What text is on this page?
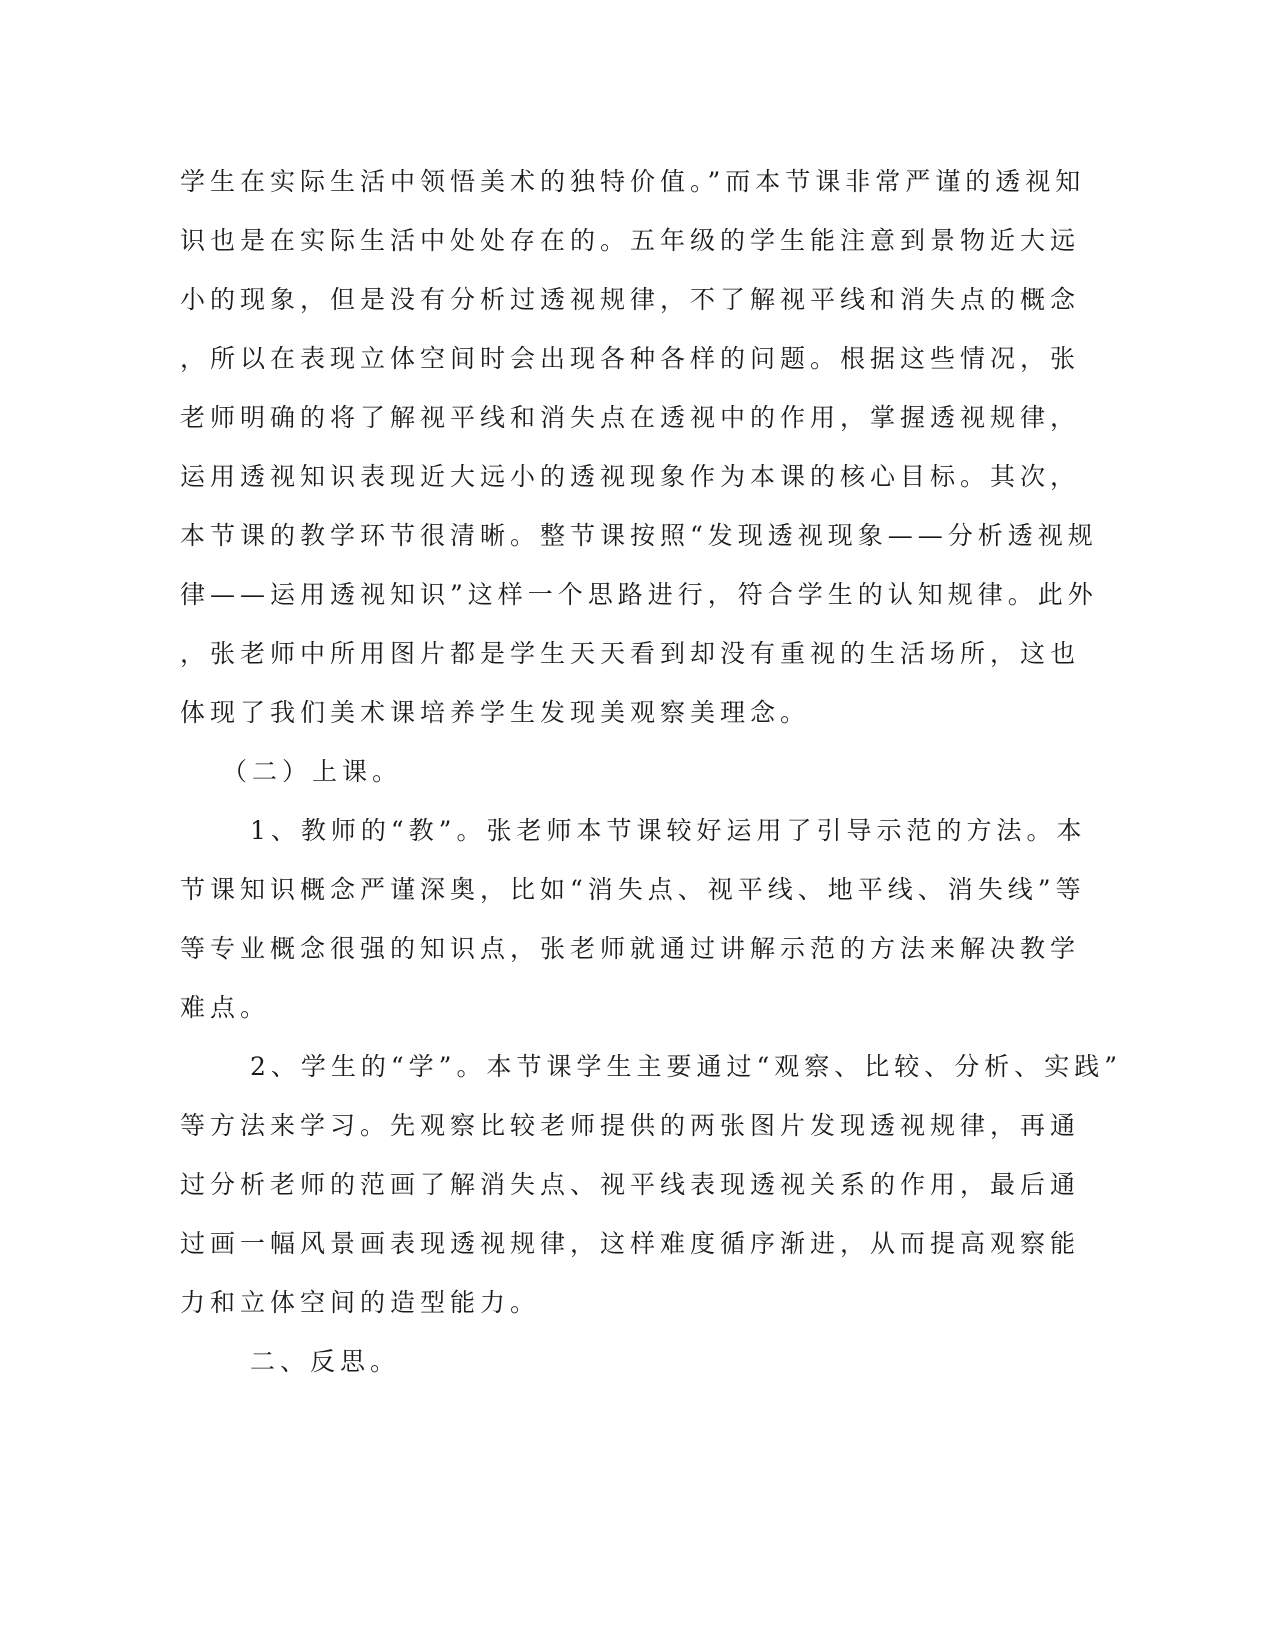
学生在实际生活中领悟美术的独特价值。”而本节课非常严谨的透视知
识也是在实际生活中处处存在的。五年级的学生能注意到景物近大远
小的现象，但是没有分析过透视规律，不了解视平线和消失点的概念
，所以在表现立体空间时会出现各种各样的问题。根据这些情况，张
老师明确的将了解视平线和消失点在透视中的作用，掌握透视规律，
运用透视知识表现近大远小的透视现象作为本课的核心目标。其次，
本节课的教学环节很清晰。整节课按照“发现透视现象——分析透视规
律——运用透视知识”这样一个思路进行，符合学生的认知规律。此外
，张老师中所用图片都是学生天天看到却没有重视的生活场所，这也
体现了我们美术课培养学生发现美观察美理念。
（二）上课。
1、教师的“教”。张老师本节课较好运用了引导示范的方法。本
节课知识概念严谨深奥，比如“消失点、视平线、地平线、消失线”等
等专业概念很强的知识点，张老师就通过讲解示范的方法来解决教学
难点。
2、学生的“学”。本节课学生主要通过“观察、比较、分析、实践”
等方法来学习。先观察比较老师提供的两张图片发现透视规律，再通
过分析老师的范画了解消失点、视平线表现透视关系的作用，最后通
过画一幅风景画表现透视规律，这样难度循序渐进，从而提高观察能
力和立体空间的造型能力。
二、反思。
